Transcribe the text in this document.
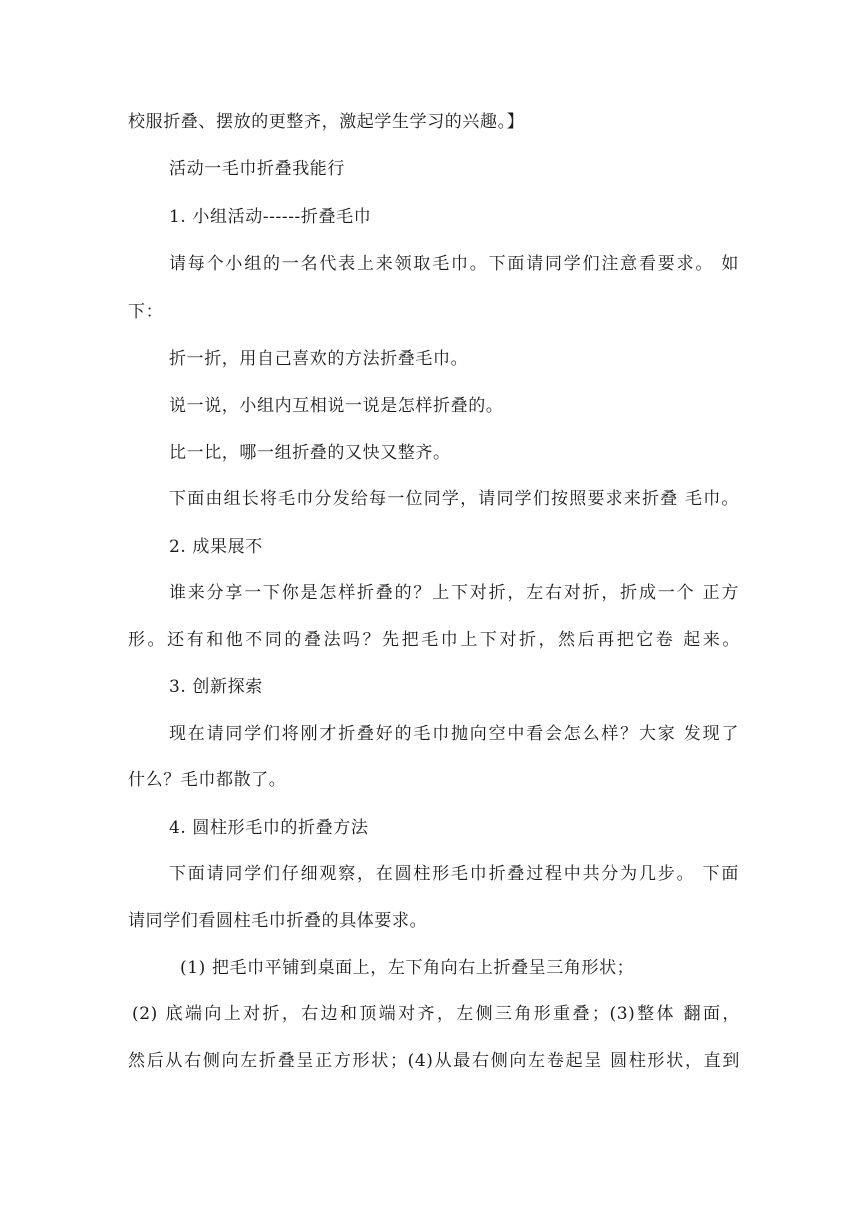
校服折叠、摆放的更整齐，激起学生学习的兴趣。】
活动一毛巾折叠我能行
1. 小组活动------折叠毛巾
请每个小组的一名代表上来领取毛巾。下面请同学们注意看要求。 如
下：
折一折，用自己喜欢的方法折叠毛巾。
说一说，小组内互相说一说是怎样折叠的。
比一比，哪一组折叠的又快又整齐。
下面由组长将毛巾分发给每一位同学，请同学们按照要求来折叠 毛巾。
2. 成果展不
谁来分享一下你是怎样折叠的？上下对折，左右对折，折成一个 正方
形。还有和他不同的叠法吗？先把毛巾上下对折，然后再把它卷 起来。
3. 创新探索
现在请同学们将刚才折叠好的毛巾抛向空中看会怎么样？大家 发现了
什么？毛巾都散了。
4. 圆柱形毛巾的折叠方法
下面请同学们仔细观察，在圆柱形毛巾折叠过程中共分为几步。 下面
请同学们看圆柱毛巾折叠的具体要求。
(1) 把毛巾平铺到桌面上，左下角向右上折叠呈三角形状；
(2) 底端向上对折，右边和顶端对齐，左侧三角形重叠；(3)整体 翻面，
然后从右侧向左折叠呈正方形状；(4)从最右侧向左卷起呈 圆柱形状，直到
